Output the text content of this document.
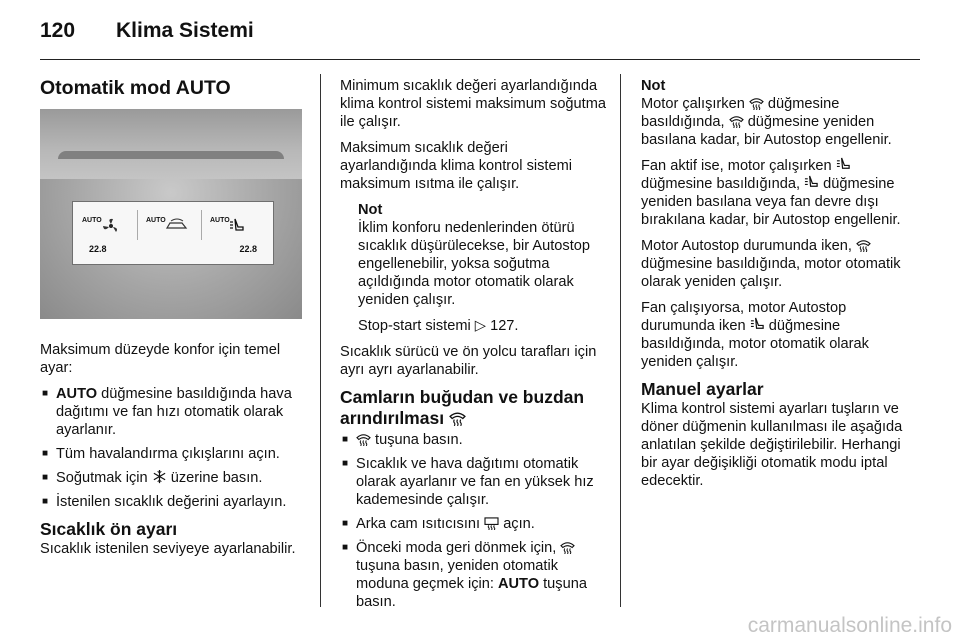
120 Klima Sistemi
Otomatik mod AUTO
AUTO	AUTO	AUTO
22.8	22.8

Maksimum düzeyde konfor için temel ayar:

■ AUTO düğmesine basıldığında hava dağıtımı ve fan hızı otomatik olarak ayarlanır.
■ Tüm havalandırma çıkışlarını açın.
■ Soğutmak için  üzerine basın.
■ İstenilen sıcaklık değerini ayarlayın.
Sıcaklık ön ayarı

Sıcaklık istenilen seviyeye ayarlanabilir.

Minimum sıcaklık değeri ayarlandığında klima kontrol sistemi maksimum soğutma ile çalışır.

Maksimum sıcaklık değeri ayarlandığında klima kontrol sistemi maksimum ısıtma ile çalışır.

Not

İklim konforu nedenlerinden ötürü sıcaklık düşürülecekse, bir Autostop engellenebilir, yoksa soğutma açıldığında motor otomatik olarak yeniden çalışır.

Stop-start sistemi ▷ 127.

Sıcaklık sürücü ve ön yolcu tarafları için ayrı ayrı ayarlanabilir.

Camların buğudan ve buzdan arındırılması
■ tuşuna basın.
■ Sıcaklık ve hava dağıtımı otomatik olarak ayarlanır ve fan en yüksek hız kademesinde çalışır.
■ Arka cam ısıtıcısını  açın.
■ Önceki moda geri dönmek için,  tuşuna basın, yeniden otomatik moduna geçmek için: AUTO tuşuna basın.
Not

Motor çalışırken  düğmesine basıldığında,  düğmesine yeniden basılana kadar, bir Autostop engellenir.

Fan aktif ise, motor çalışırken  düğmesine basıldığında,  düğmesine yeniden basılana veya fan devre dışı bırakılana kadar, bir Autostop engellenir.

Motor Autostop durumunda iken,  düğmesine basıldığında, motor otomatik olarak yeniden çalışır.

Fan çalışıyorsa, motor Autostop durumunda iken  düğmesine basıldığında, motor otomatik olarak yeniden çalışır.

Manuel ayarlar

Klima kontrol sistemi ayarları tuşların ve döner düğmenin kullanılması ile aşağıda anlatılan şekilde değiştirilebilir. Herhangi bir ayar değişikliği otomatik modu iptal edecektir.

carmanualsonline.info
